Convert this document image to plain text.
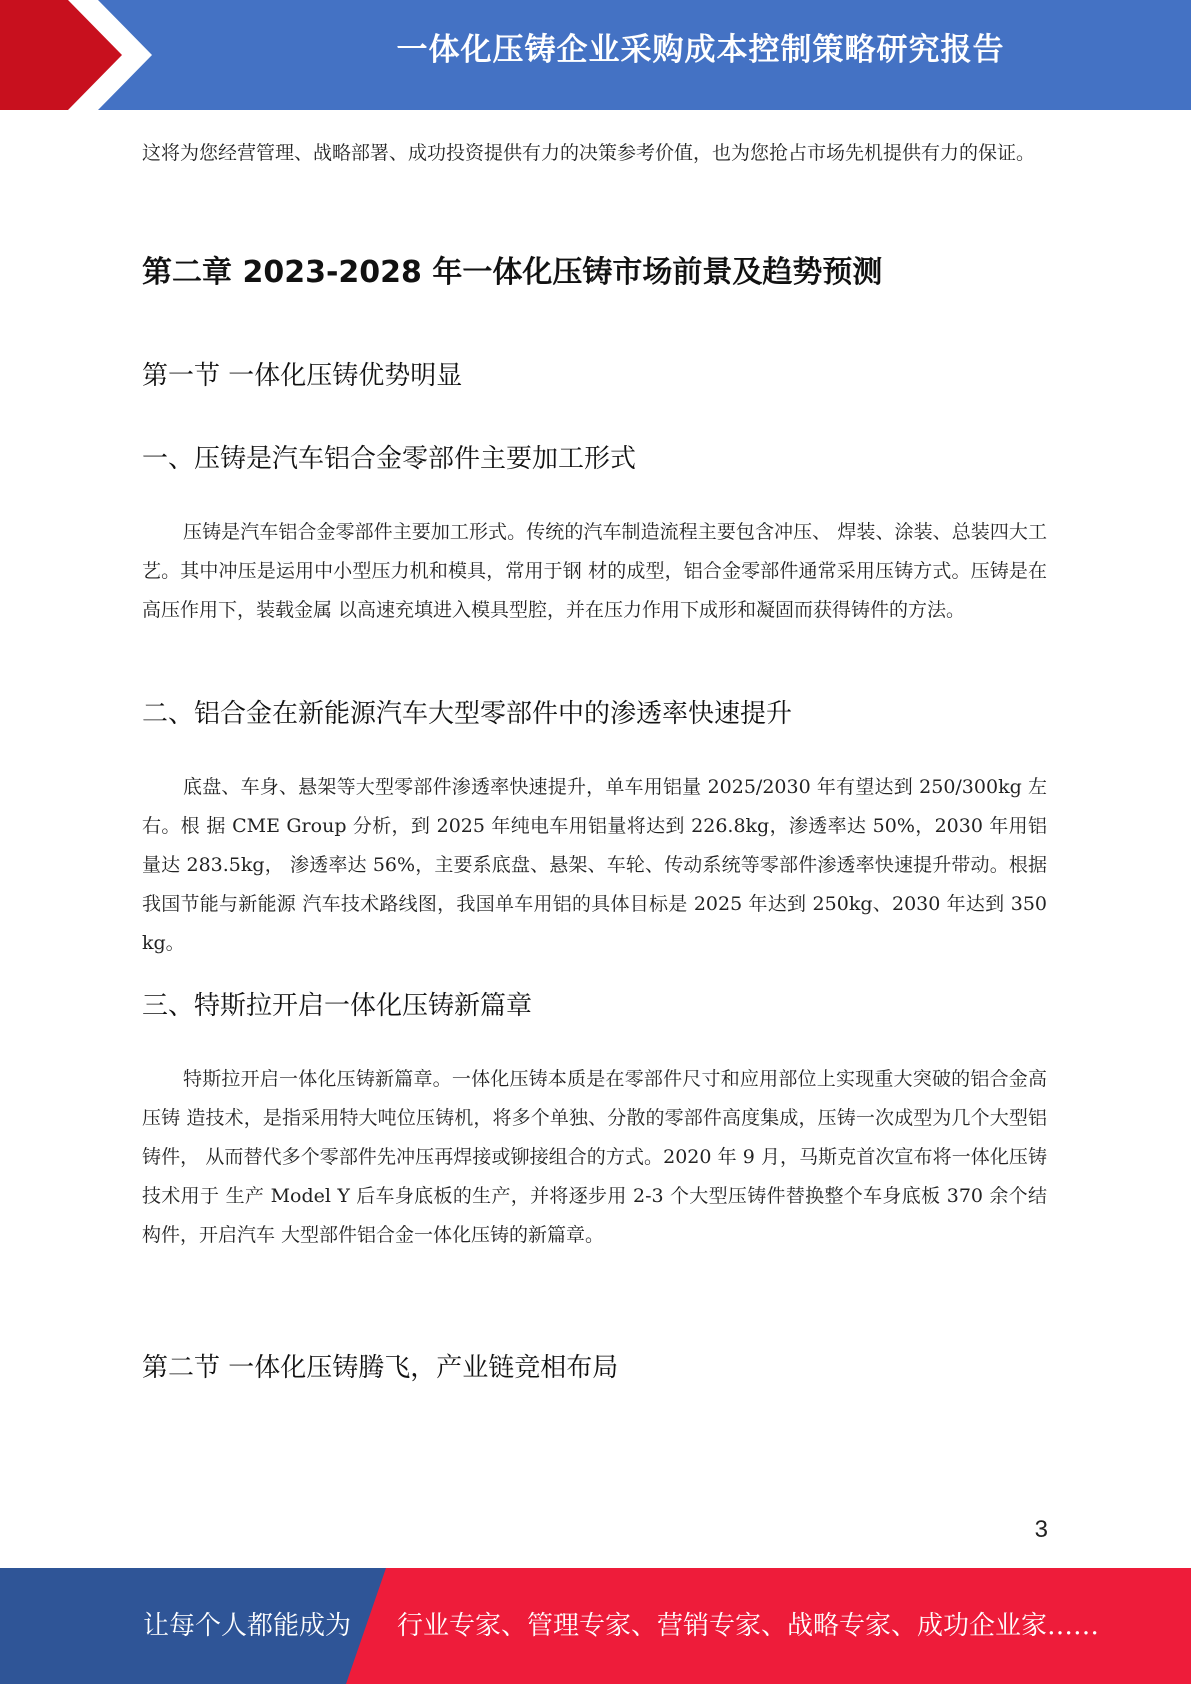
一体化压铸企业采购成本控制策略研究报告

这将为您经营管理、战略部署、成功投资提供有力的决策参考价值，也为您抢占市场先机提供有力的保证。

第二章 2023-2028 年一体化压铸市场前景及趋势预测
第一节 一体化压铸优势明显
一、压铸是汽车铝合金零部件主要加工形式

压铸是汽车铝合金零部件主要加工形式。传统的汽车制造流程主要包含冲压、 焊装、涂装、总装四大工艺。其中冲压是运用中小型压力机和模具，常用于钢 材的成型，铝合金零部件通常采用压铸方式。压铸是在高压作用下，装载金属 以高速充填进入模具型腔，并在压力作用下成形和凝固而获得铸件的方法。

二、铝合金在新能源汽车大型零部件中的渗透率快速提升

底盘、车身、悬架等大型零部件渗透率快速提升，单车用铝量 2025/2030 年有望达到 250/300kg 左右。根 据 CME Group 分析，到 2025 年纯电车用铝量将达到 226.8kg，渗透率达 50%，2030 年用铝量达 283.5kg， 渗透率达 56%，主要系底盘、悬架、车轮、传动系统等零部件渗透率快速提升带动。根据我国节能与新能源 汽车技术路线图，我国单车用铝的具体目标是 2025 年达到 250kg、2030 年达到 350kg。

三、特斯拉开启一体化压铸新篇章

特斯拉开启一体化压铸新篇章。一体化压铸本质是在零部件尺寸和应用部位上实现重大突破的铝合金高压铸 造技术，是指采用特大吨位压铸机，将多个单独、分散的零部件高度集成，压铸一次成型为几个大型铝铸件， 从而替代多个零部件先冲压再焊接或铆接组合的方式。2020 年 9 月，马斯克首次宣布将一体化压铸技术用于 生产 Model Y 后车身底板的生产，并将逐步用 2-3 个大型压铸件替换整个车身底板 370 余个结构件，开启汽车 大型部件铝合金一体化压铸的新篇章。

第二节 一体化压铸腾飞，产业链竞相布局
3
让每个人都能成为 行业专家、管理专家、营销专家、战略专家、成功企业家……
